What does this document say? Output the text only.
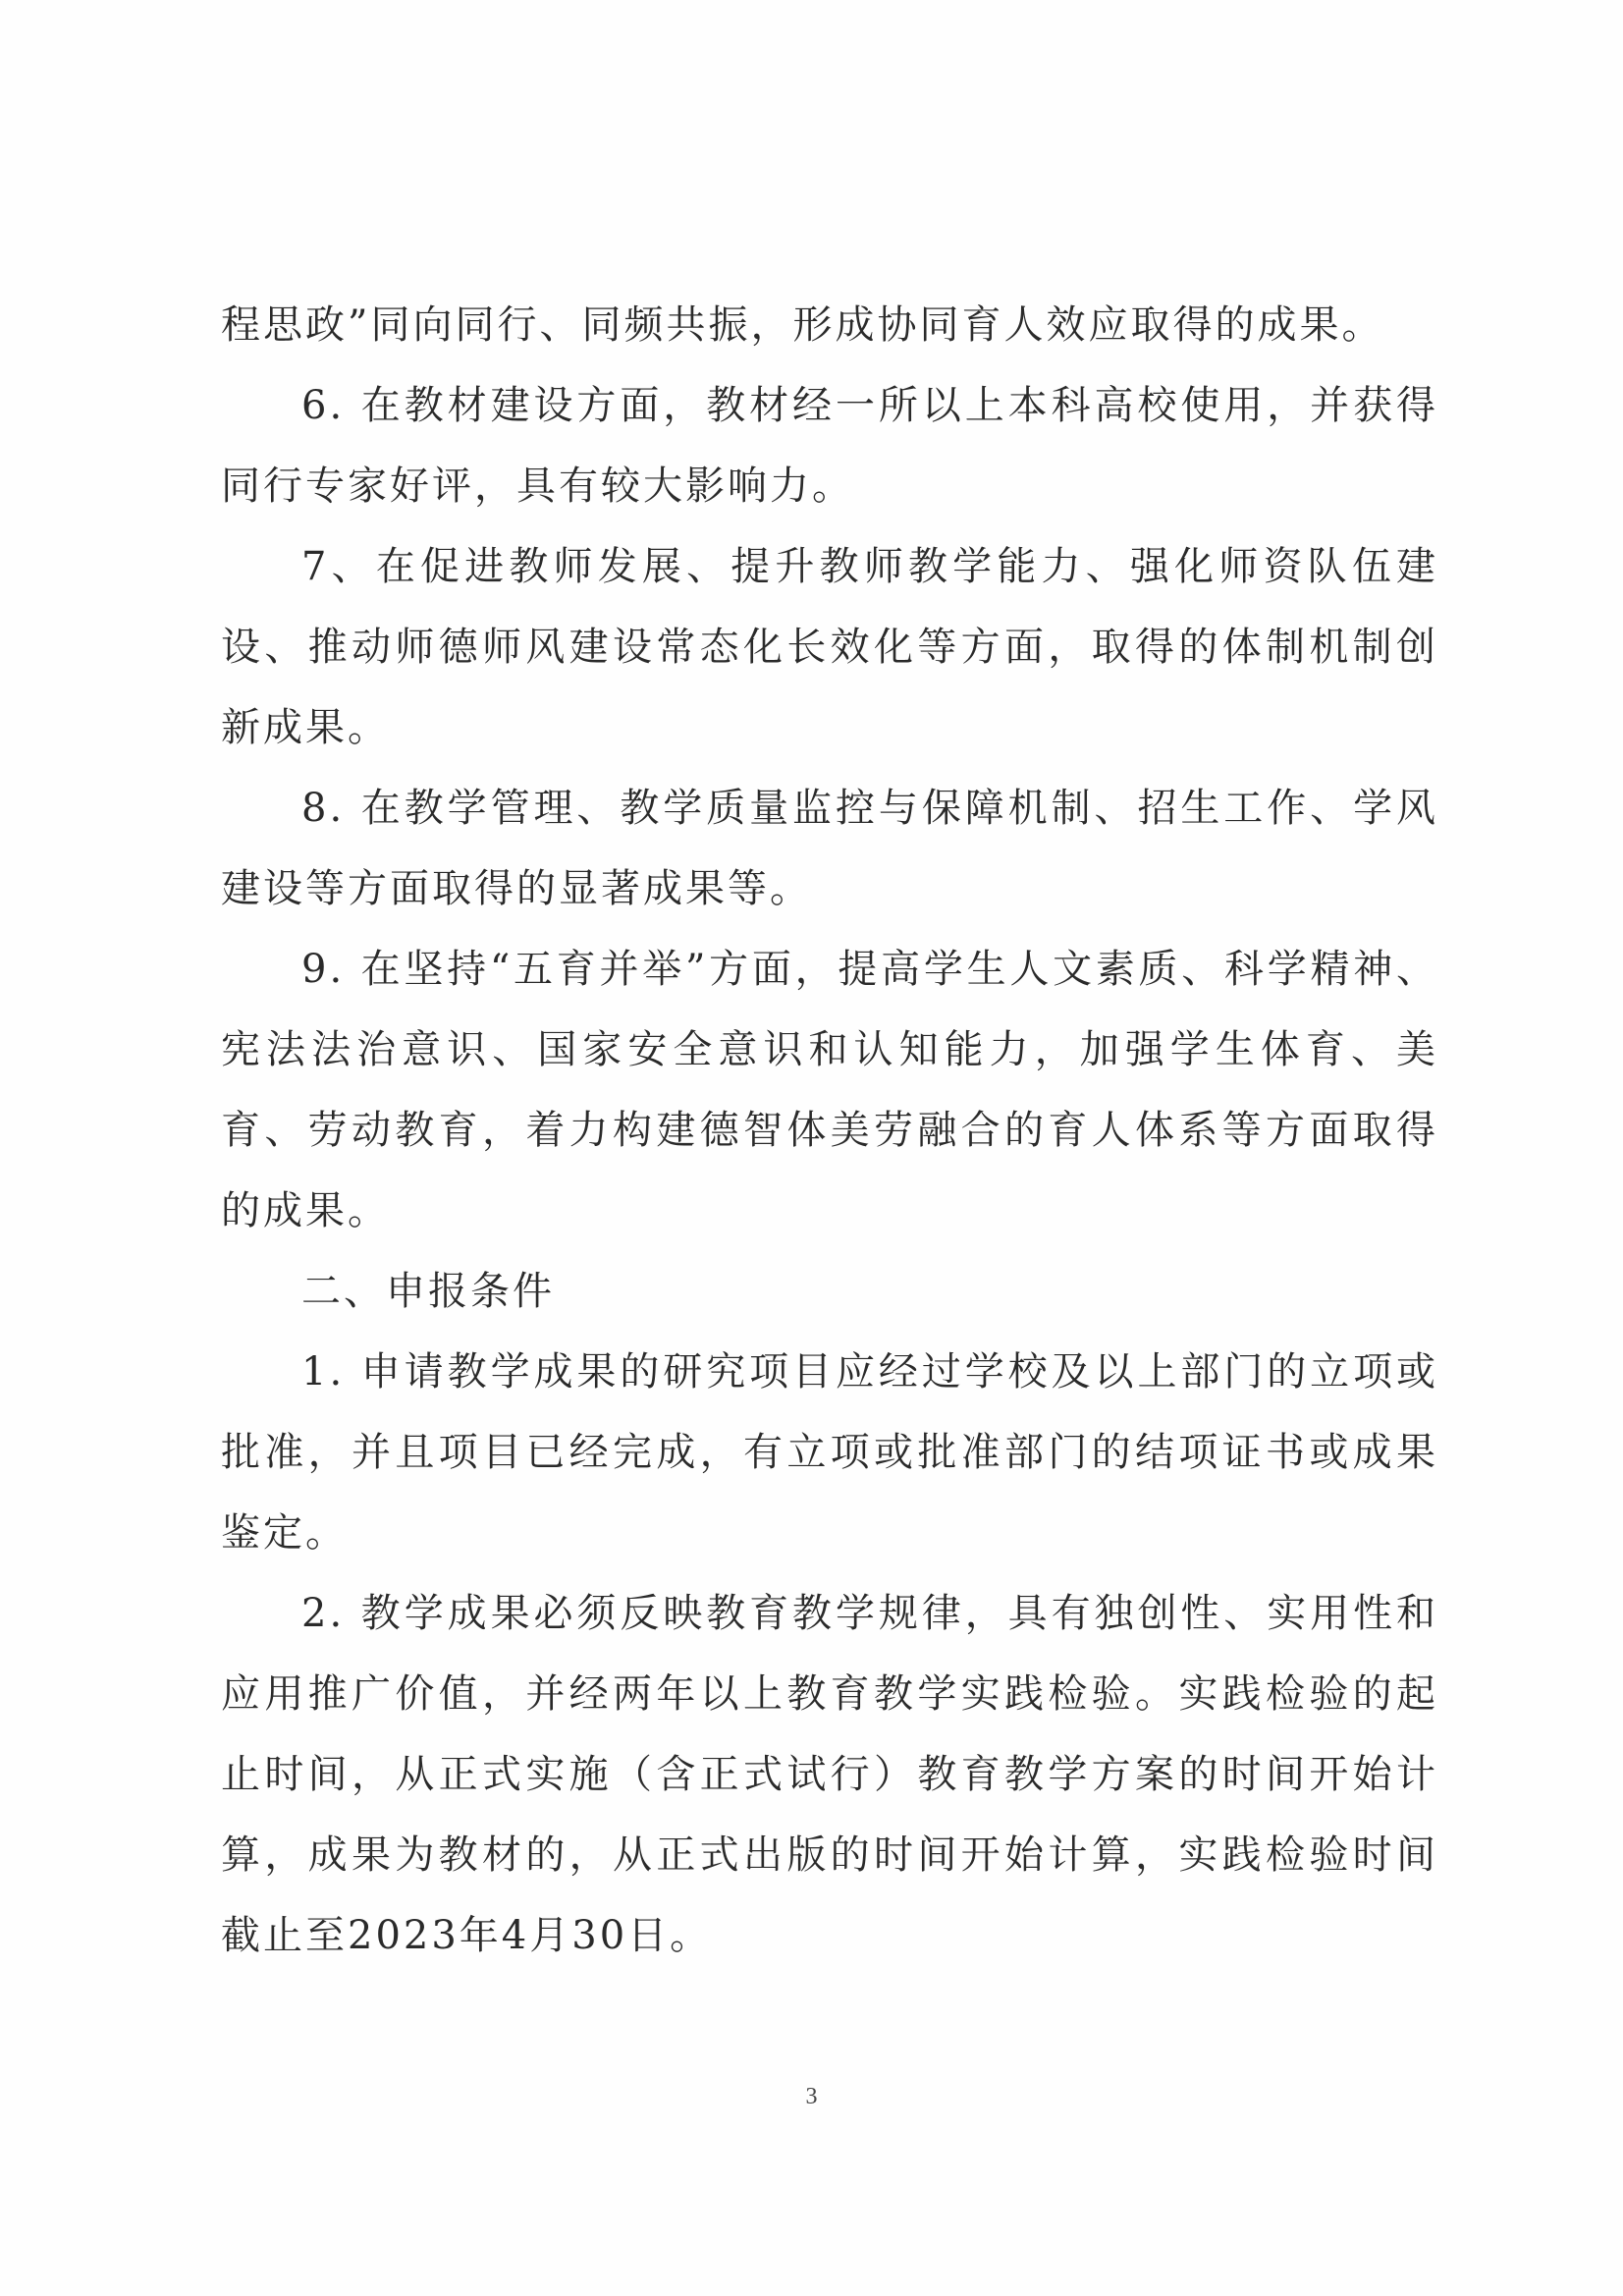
程思政”同向同行、同频共振，形成协同育人效应取得的成果。

6. 在教材建设方面，教材经一所以上本科高校使用，并获得同行专家好评，具有较大影响力。

7、在促进教师发展、提升教师教学能力、强化师资队伍建设、推动师德师风建设常态化长效化等方面，取得的体制机制创新成果。

8. 在教学管理、教学质量监控与保障机制、招生工作、学风建设等方面取得的显著成果等。

9. 在坚持“五育并举”方面，提高学生人文素质、科学精神、宪法法治意识、国家安全意识和认知能力，加强学生体育、美育、劳动教育，着力构建德智体美劳融合的育人体系等方面取得的成果。

二、申报条件

1. 申请教学成果的研究项目应经过学校及以上部门的立项或批准，并且项目已经完成，有立项或批准部门的结项证书或成果鉴定。

2. 教学成果必须反映教育教学规律，具有独创性、实用性和应用推广价值，并经两年以上教育教学实践检验。实践检验的起止时间，从正式实施（含正式试行）教育教学方案的时间开始计算，成果为教材的，从正式出版的时间开始计算，实践检验时间截止至2023年4月30日。

3
